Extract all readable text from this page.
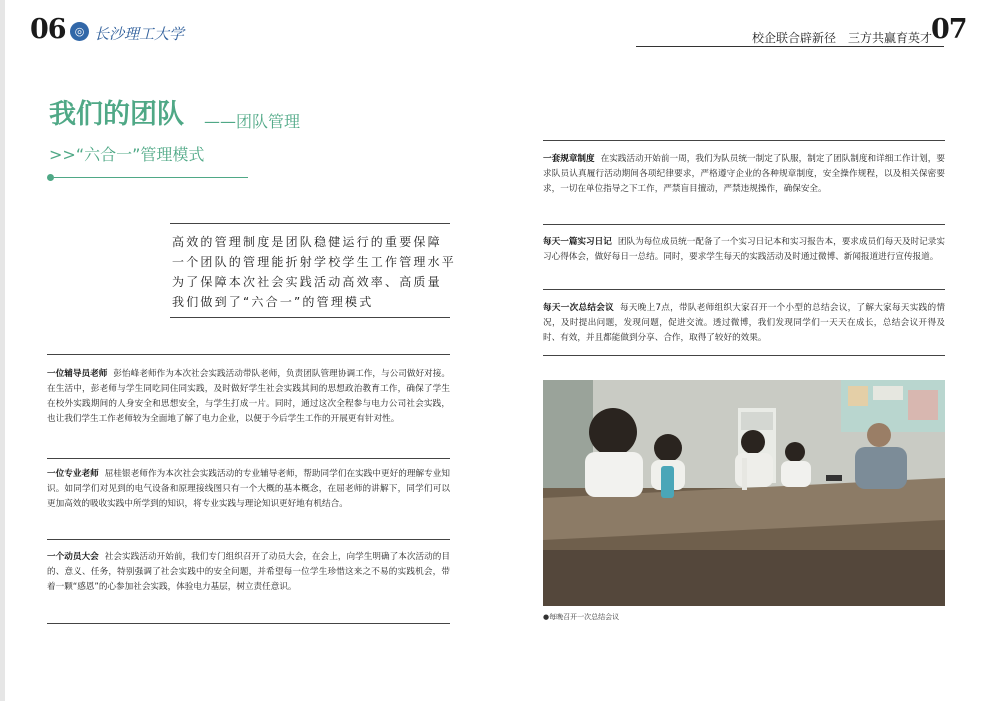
06 ◎ 长沙理工大学	校企联合辟新径　三方共赢育英才
07
我们的团队 ——团队管理
>>“六合一”管理模式
高效的管理制度是团队稳健运行的重要保障
一个团队的管理能折射学校学生工作管理水平
为了保障本次社会实践活动高效率、高质量
我们做到了“六合一”的管理模式
一位辅导员老师 彭怡峰老师作为本次社会实践活动带队老师，负责团队管理协调工作，与公司做好对接。在生活中，彭老师与学生同吃同住同实践，及时做好学生社会实践其间的思想政治教育工作，确保了学生在校外实践期间的人身安全和思想安全，与学生打成一片。同时，通过这次全程参与电力公司社会实践，也让我们学生工作老师较为全面地了解了电力企业，以便于今后学生工作的开展更有针对性。
一位专业老师 屈桂银老师作为本次社会实践活动的专业辅导老师，帮助同学们在实践中更好的理解专业知识。如同学们对见到的电气设备和原理接线图只有一个大概的基本概念，在屈老师的讲解下，同学们可以更加高效的吸收实践中所学到的知识，将专业实践与理论知识更好地有机结合。
一个动员大会 社会实践活动开始前，我们专门组织召开了动员大会，在会上，向学生明确了本次活动的目的、意义、任务，特别强调了社会实践中的安全问题，并希望每一位学生珍惜这来之不易的实践机会，带着一颗“感恩”的心参加社会实践，体验电力基层，树立责任意识。
一套规章制度 在实践活动开始前一周，我们为队员统一制定了队服，制定了团队制度和详细工作计划，要求队员认真履行活动期间各项纪律要求，严格遵守企业的各种规章制度，安全操作规程，以及相关保密要求，一切在单位指导之下工作，严禁盲目擅动，严禁违规操作，确保安全。
每天一篇实习日记 团队为每位成员统一配备了一个实习日记本和实习报告本，要求成员们每天及时记录实习心得体会，做好每日一总结。同时，要求学生每天的实践活动及时通过微博、新闻报道进行宣传报道。
每天一次总结会议 每天晚上7点，带队老师组织大家召开一个小型的总结会议，了解大家每天实践的情况，及时提出问题，发现问题，促进交流。透过微博，我们发现同学们一天天在成长，总结会议开得及时、有效，并且都能做到分享、合作，取得了较好的效果。
●每晚召开一次总结会议
